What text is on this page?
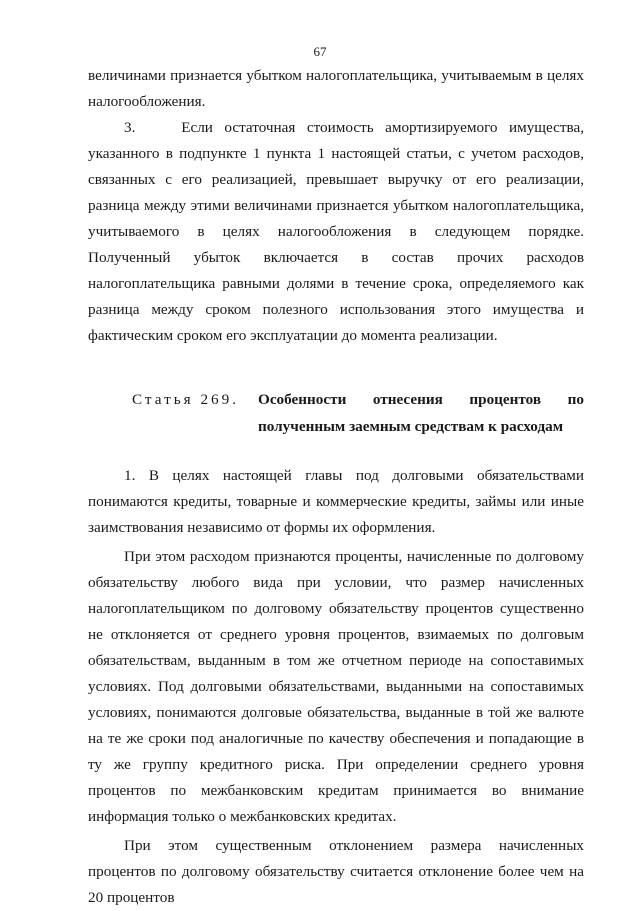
67

величинами признается убытком налогоплательщика, учитываемым в целях налогообложения.

3.    Если остаточная стоимость амортизируемого имущества, указанного в подпункте 1 пункта 1 настоящей статьи, с учетом расходов, связанных с его реализацией, превышает выручку от его реализации, разница между этими величинами признается убытком налогоплательщика, учитываемого в целях налогообложения в следующем порядке. Полученный убыток включается в состав прочих расходов налогоплательщика равными долями в течение срока, определяемого как разница между сроком полезного использования этого имущества и фактическим сроком его эксплуатации до момента реализации.

Статья 269. Особенности отнесения процентов по полученным заемным средствам к расходам

1. В целях настоящей главы под долговыми обязательствами понимаются кредиты, товарные и коммерческие кредиты, займы или иные заимствования независимо от формы их оформления.

При этом расходом признаются проценты, начисленные по долговому обязательству любого вида при условии, что размер начисленных налогоплательщиком по долговому обязательству процентов существенно не отклоняется от среднего уровня процентов, взимаемых по долговым обязательствам, выданным в том же отчетном периоде на сопоставимых условиях. Под долговыми обязательствами, выданными на сопоставимых условиях, понимаются долговые обязательства, выданные в той же валюте на те же сроки под аналогичные по качеству обеспечения и попадающие в ту же группу кредитного риска. При определении среднего уровня процентов по межбанковским кредитам принимается во внимание информация только о межбанковских кредитах.

При этом существенным отклонением размера начисленных процентов по долговому обязательству считается отклонение более чем на 20 процентов
